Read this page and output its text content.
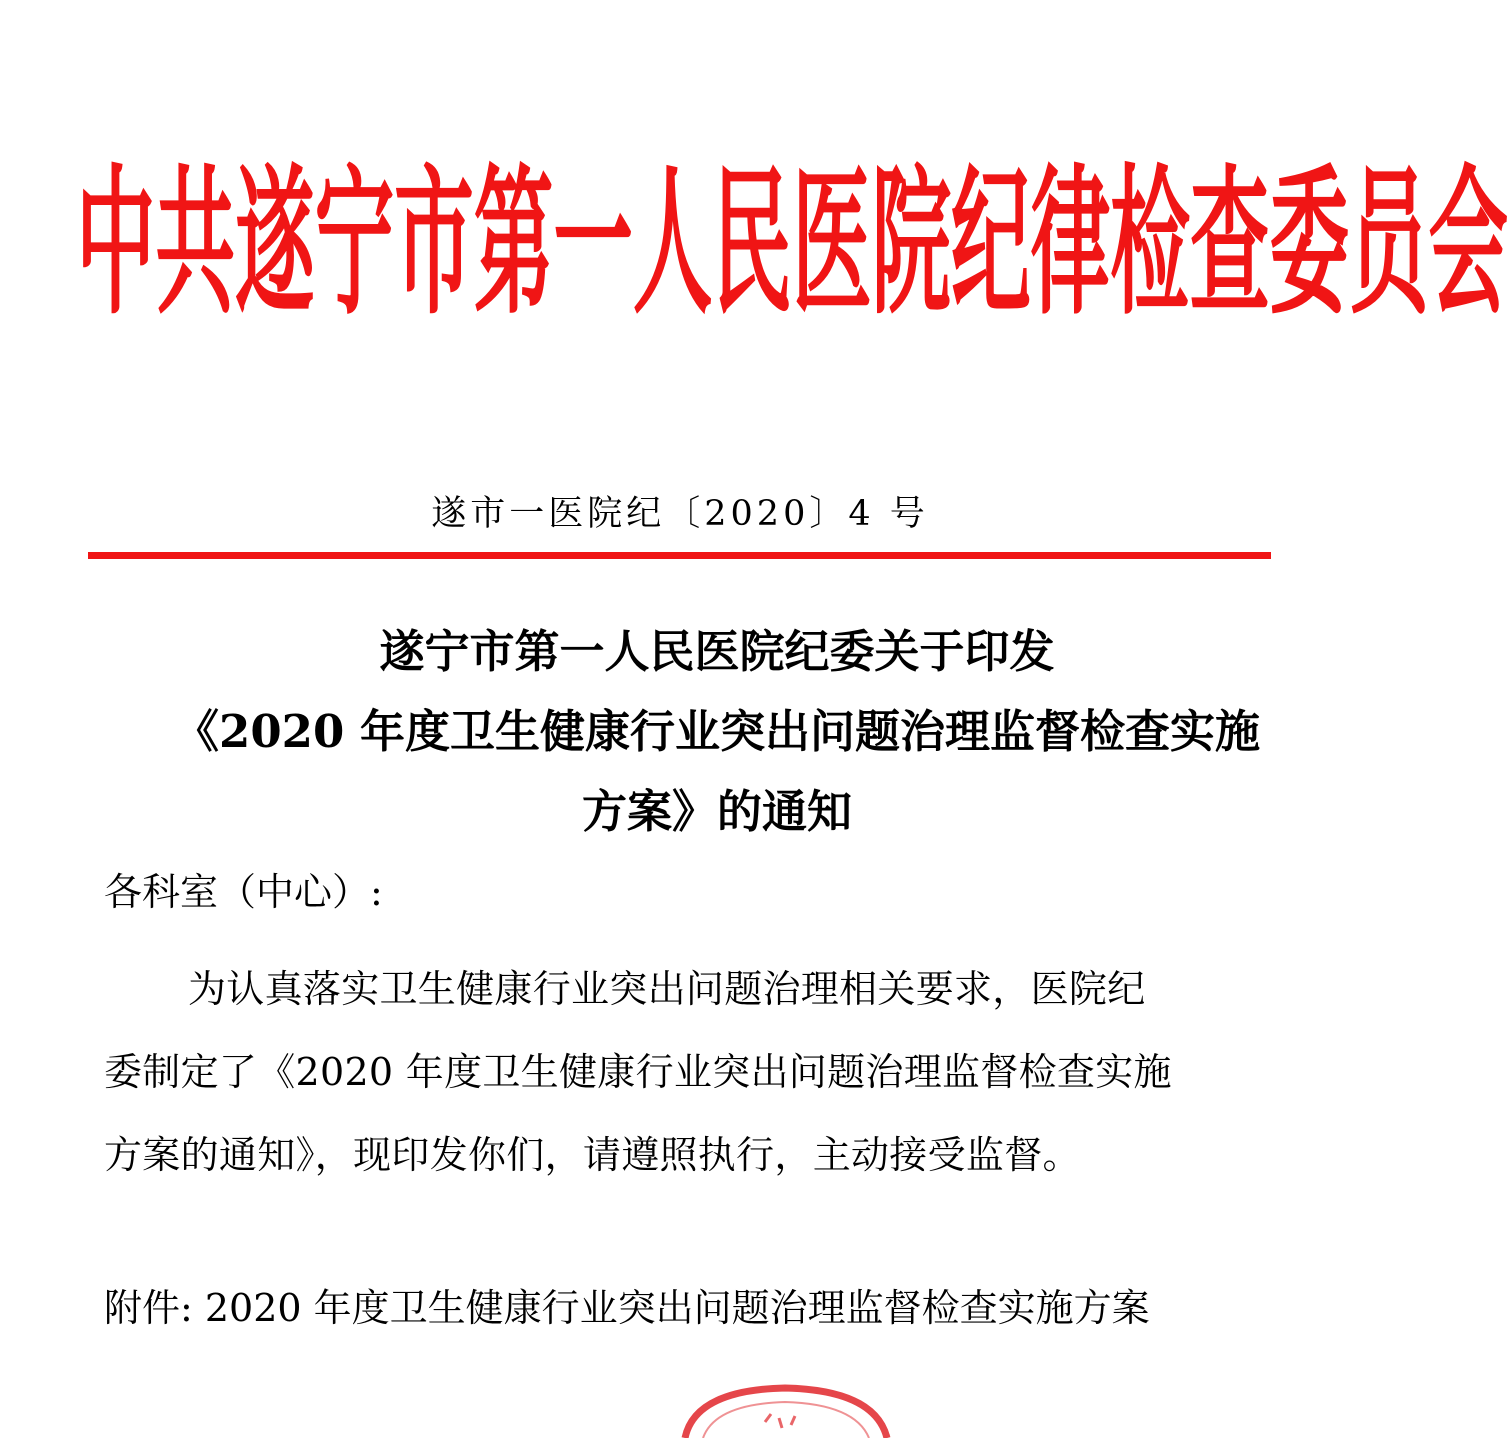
中共遂宁市第一人民医院纪律检查委员会
遂市一医院纪〔2020〕4 号
遂宁市第一人民医院纪委关于印发
《2020 年度卫生健康行业突出问题治理监督检查实施
方案》的通知
各科室（中心）:
为认真落实卫生健康行业突出问题治理相关要求，医院纪
委制定了《2020 年度卫生健康行业突出问题治理监督检查实施
方案的通知》，现印发你们，请遵照执行，主动接受监督。
附件: 2020 年度卫生健康行业突出问题治理监督检查实施方案
